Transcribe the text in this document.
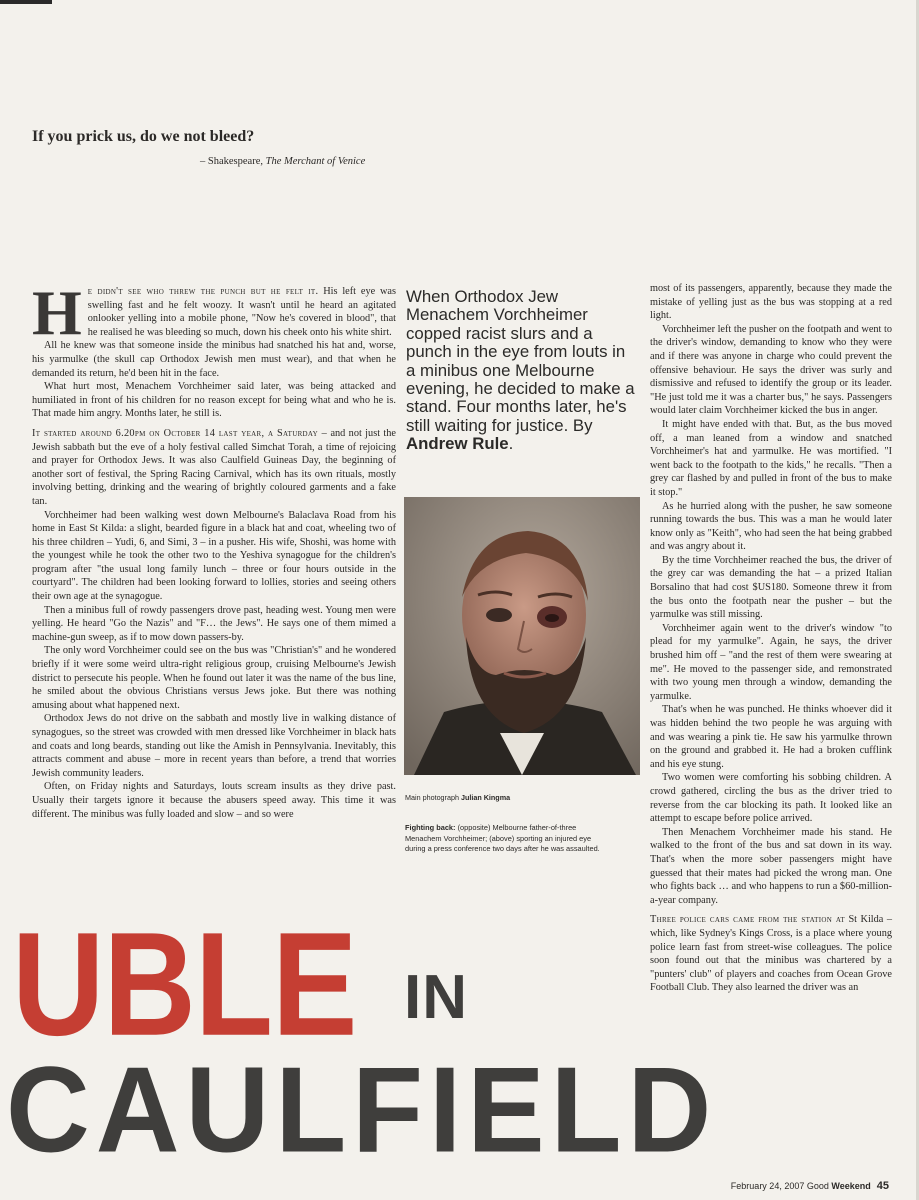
If you prick us, do we not bleed?
– Shakespeare, The Merchant of Venice

He didn't see who threw the punch but he felt it. His left eye was swelling fast and he felt woozy. It wasn't until he heard an agitated onlooker yelling into a mobile phone, "Now he's covered in blood", that he realised he was bleeding so much, down his cheek onto his white shirt.

All he knew was that someone inside the minibus had snatched his hat and, worse, his yarmulke (the skull cap Orthodox Jewish men must wear), and that when he demanded its return, he'd been hit in the face.

What hurt most, Menachem Vorchheimer said later, was being attacked and humiliated in front of his children for no reason except for being what and who he is. That made him angry. Months later, he still is.

It started around 6.20pm on October 14 last year, a Saturday – and not just the Jewish sabbath but the eve of a holy festival called Simchat Torah, a time of rejoicing and prayer for Orthodox Jews. It was also Caulfield Guineas Day, the beginning of another sort of festival, the Spring Racing Carnival, which has its own rituals, mostly involving betting, drinking and the wearing of brightly coloured garments and a fake tan.

Vorchheimer had been walking west down Melbourne's Balaclava Road from his home in East St Kilda: a slight, bearded figure in a black hat and coat, wheeling two of his three children – Yudi, 6, and Simi, 3 – in a pusher. His wife, Shoshi, was home with the youngest while he took the other two to the Yeshiva synagogue for the children's program after "the usual long family lunch – three or four hours outside in the courtyard". The children had been looking forward to lollies, stories and seeing others their own age at the synagogue.

Then a minibus full of rowdy passengers drove past, heading west. Young men were yelling. He heard "Go the Nazis" and "F… the Jews". He says one of them mimed a machine-gun sweep, as if to mow down passers-by.

The only word Vorchheimer could see on the bus was "Christian's" and he wondered briefly if it were some weird ultra-right religious group, cruising Melbourne's Jewish district to persecute his people. When he found out later it was the name of the bus line, he smiled about the obvious Christians versus Jews joke. But there was nothing amusing about what happened next.

Orthodox Jews do not drive on the sabbath and mostly live in walking distance of synagogues, so the street was crowded with men dressed like Vorchheimer in black hats and coats and long beards, standing out like the Amish in Pennsylvania. Inevitably, this attracts comment and abuse – more in recent years than before, a trend that worries Jewish community leaders.

Often, on Friday nights and Saturdays, louts scream insults as they drive past. Usually their targets ignore it because the abusers speed away. This time it was different. The minibus was fully loaded and slow – and so were

When Orthodox Jew Menachem Vorchheimer copped racist slurs and a punch in the eye from louts in a minibus one Melbourne evening, he decided to make a stand. Four months later, he's still waiting for justice. By Andrew Rule.
Main photograph Julian Kingma
Fighting back: (opposite) Melbourne father-of-three Menachem Vorchheimer; (above) sporting an injured eye during a press conference two days after he was assaulted.

most of its passengers, apparently, because they made the mistake of yelling just as the bus was stopping at a red light.

Vorchheimer left the pusher on the footpath and went to the driver's window, demanding to know who they were and if there was anyone in charge who could prevent the offensive behaviour. He says the driver was surly and dismissive and refused to identify the group or its leader. "He just told me it was a charter bus," he says. Passengers would later claim Vorchheimer kicked the bus in anger.

It might have ended with that. But, as the bus moved off, a man leaned from a window and snatched Vorchheimer's hat and yarmulke. He was mortified. "I went back to the footpath to the kids," he recalls. "Then a grey car flashed by and pulled in front of the bus to make it stop."

As he hurried along with the pusher, he saw someone running towards the bus. This was a man he would later know only as "Keith", who had seen the hat being grabbed and was angry about it.

By the time Vorchheimer reached the bus, the driver of the grey car was demanding the hat – a prized Italian Borsalino that had cost $US180. Someone threw it from the bus onto the footpath near the pusher – but the yarmulke was still missing.

Vorchheimer again went to the driver's window "to plead for my yarmulke". Again, he says, the driver brushed him off – "and the rest of them were swearing at me". He moved to the passenger side, and remonstrated with two young men through a window, demanding the yarmulke.

That's when he was punched. He thinks whoever did it was hidden behind the two people he was arguing with and was wearing a pink tie. He saw his yarmulke thrown on the ground and grabbed it. He had a broken cufflink and his eye stung.

Two women were comforting his sobbing children. A crowd gathered, circling the bus as the driver tried to reverse from the car blocking its path. It looked like an attempt to escape before police arrived.

Then Menachem Vorchheimer made his stand. He walked to the front of the bus and sat down in its way. That's when the more sober passengers might have guessed that their mates had picked the wrong man. One who fights back … and who happens to run a $60-million-a-year company.

Three police cars came from the station at St Kilda – which, like Sydney's Kings Cross, is a place where young police learn fast from street-wise colleagues. The police soon found out that the minibus was chartered by a "punters' club" of players and coaches from Ocean Grove Football Club. They also learned the driver was an

UBLE IN
CAULFIELD
February 24, 2007 Good Weekend 45
